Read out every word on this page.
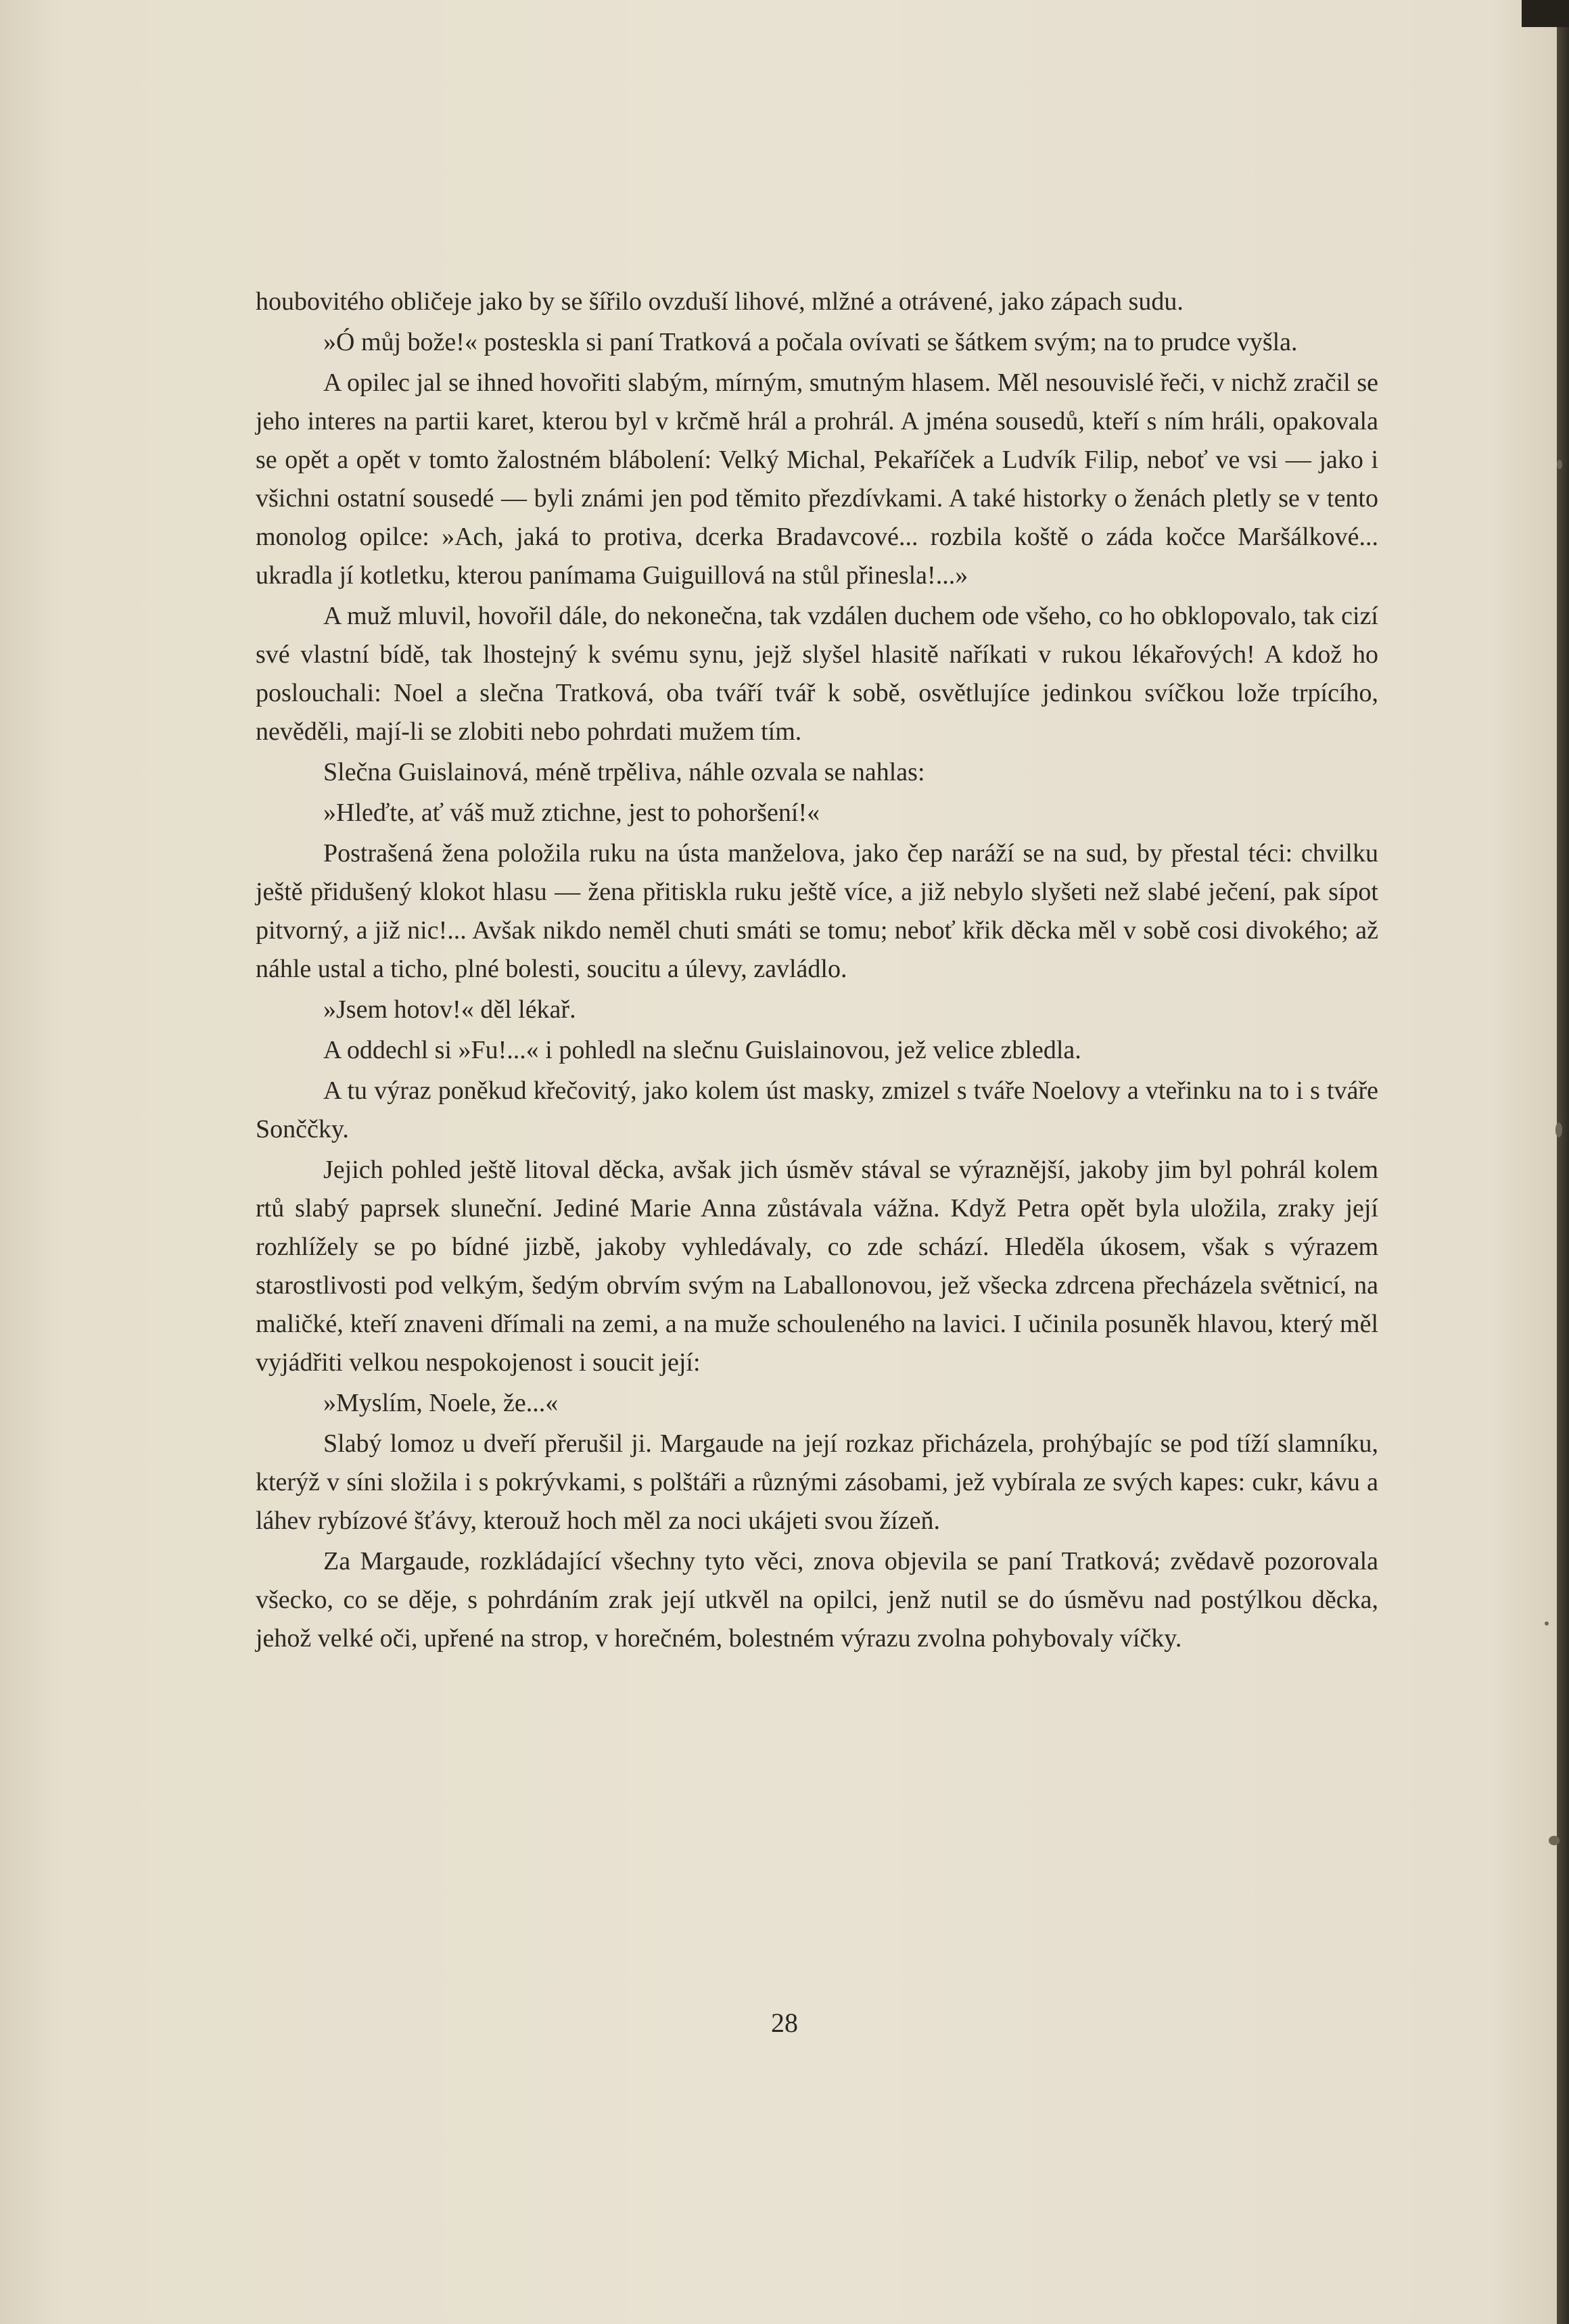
houbovitého obličeje jako by se šířilo ovzduší lihové, mlžné a otrávené, jako zápach sudu.

»Ó můj bože!« posteskla si paní Tratková a počala ovívati se šátkem svým; na to prudce vyšla.

A opilec jal se ihned hovořiti slabým, mírným, smutným hlasem. Měl nesouvislé řeči, v nichž zračil se jeho interes na partii karet, kterou byl v krčmě hrál a prohrál. A jména sousedů, kteří s ním hráli, opakovala se opět a opět v tomto žalostném blábolení: Velký Michal, Pekaříček a Ludvík Filip, neboť ve vsi — jako i všichni ostatní sousedé — byli známi jen pod těmito přezdívkami. A také historky o ženách pletly se v tento monolog opilce: »Ach, jaká to protiva, dcerka Bradavcové... rozbila koště o záda kočce Maršálkové... ukradla jí kotletku, kterou panímama Guiguillová na stůl přinesla!...»

A muž mluvil, hovořil dále, do nekonečna, tak vzdálen duchem ode všeho, co ho obklopovalo, tak cizí své vlastní bídě, tak lhostejný k svému synu, jejž slyšel hlasitě naříkati v rukou lékařových! A kdož ho poslouchali: Noel a slečna Tratková, oba tváří tvář k sobě, osvětlujíce jedinkou svíčkou lože trpícího, nevěděli, mají-li se zlobiti nebo pohrdati mužem tím.

Slečna Guislainová, méně trpěliva, náhle ozvala se nahlas:

»Hleďte, ať váš muž ztichne, jest to pohoršení!«

Postrašená žena položila ruku na ústa manželova, jako čep naráží se na sud, by přestal téci: chvilku ještě přidušený klokot hlasu — žena přitiskla ruku ještě více, a již nebylo slyšeti než slabé ječení, pak sípot pitvorný, a již nic!... Avšak nikdo neměl chuti smáti se tomu; neboť křik děcka měl v sobě cosi divokého; až náhle ustal a ticho, plné bolesti, soucitu a úlevy, zavládlo.

»Jsem hotov!« děl lékař.

A oddechl si »Fu!...« i pohledl na slečnu Guislainovou, jež velice zbledla.

A tu výraz poněkud křečovitý, jako kolem úst masky, zmizel s tváře Noelovy a vteřinku na to i s tváře Sonččky.

Jejich pohled ještě litoval děcka, avšak jich úsměv stával se výraznější, jakoby jim byl pohrál kolem rtů slabý paprsek sluneční. Jediné Marie Anna zůstávala vážna. Když Petra opět byla uložila, zraky její rozhlížely se po bídné jizbě, jakoby vyhledávaly, co zde schází. Hleděla úkosem, však s výrazem starostlivosti pod velkým, šedým obrvím svým na Laballonovou, jež všecka zdrcena přecházela světnicí, na maličké, kteří znaveni dřímali na zemi, a na muže schouleného na lavici. I učinila posuněk hlavou, který měl vyjádřiti velkou nespokojenost i soucit její:

»Myslím, Noele, že...«

Slabý lomoz u dveří přerušil ji. Margaude na její rozkaz přicházela, prohýbajíc se pod tíží slamníku, kterýž v síni složila i s pokrývkami, s polštáři a různými zásobami, jež vybírala ze svých kapes: cukr, kávu a láhev rybízové šťávy, kterouž hoch měl za noci ukájeti svou žízeň.

Za Margaude, rozkládající všechny tyto věci, znova objevila se paní Tratková; zvědavě pozorovala všecko, co se děje, s pohrdáním zrak její utkvěl na opilci, jenž nutil se do úsměvu nad postýlkou děcka, jehož velké oči, upřené na strop, v horečném, bolestném výrazu zvolna pohybovaly víčky.

28
